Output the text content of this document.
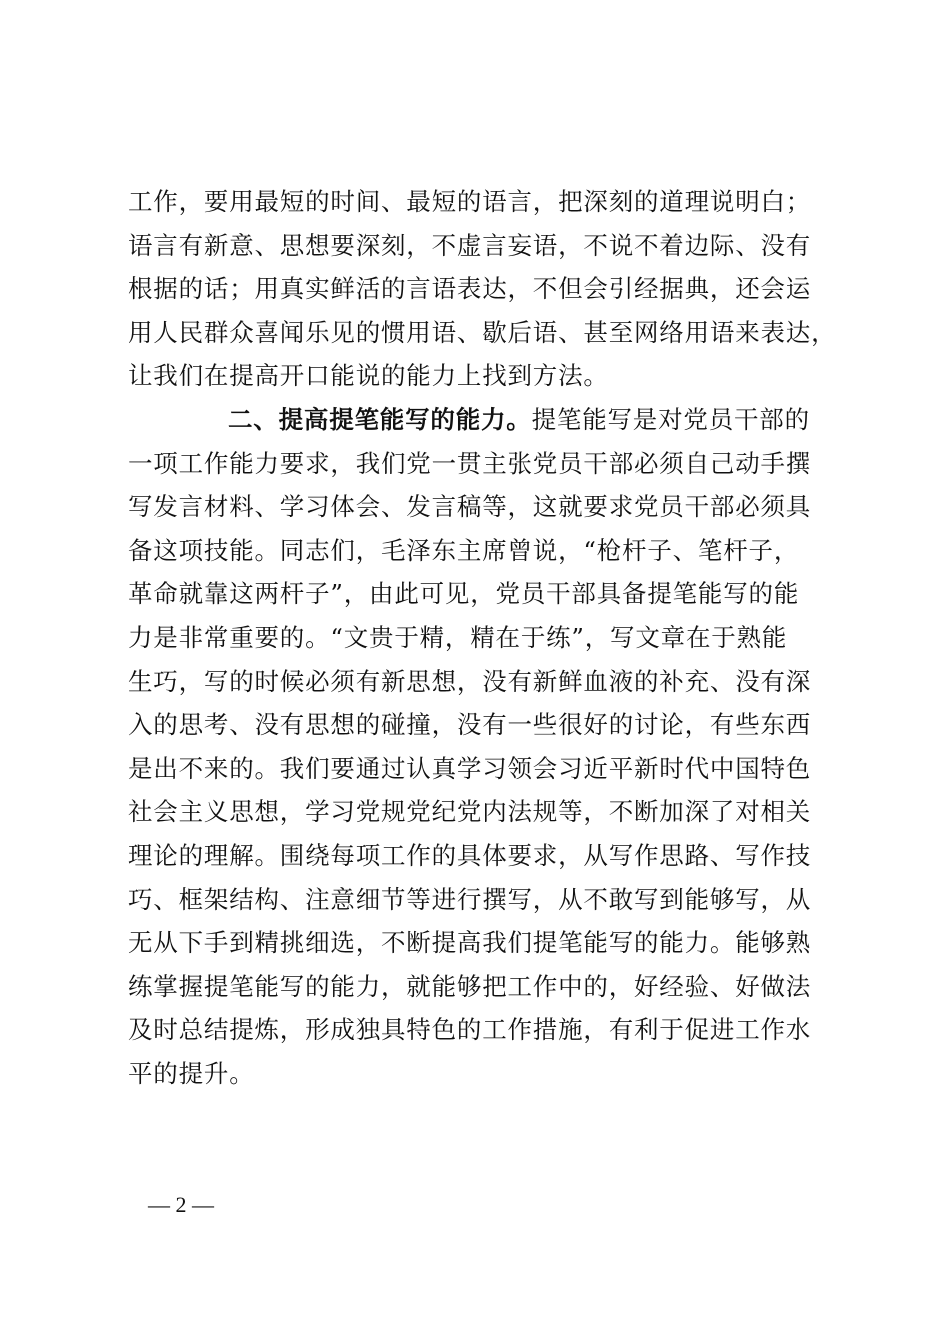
工作，要用最短的时间、最短的语言，把深刻的道理说明白；
语言有新意、思想要深刻，不虚言妄语，不说不着边际、没有
根据的话；用真实鲜活的言语表达，不但会引经据典，还会运
用人民群众喜闻乐见的惯用语、歇后语、甚至网络用语来表达，
让我们在提高开口能说的能力上找到方法。
二、提高提笔能写的能力。提笔能写是对党员干部的
一项工作能力要求，我们党一贯主张党员干部必须自己动手撰
写发言材料、学习体会、发言稿等，这就要求党员干部必须具
备这项技能。同志们，毛泽东主席曾说，“枪杆子、笔杆子，
革命就靠这两杆子”，由此可见，党员干部具备提笔能写的能
力是非常重要的。“文贵于精，精在于练”，写文章在于熟能
生巧，写的时候必须有新思想，没有新鲜血液的补充、没有深
入的思考、没有思想的碰撞，没有一些很好的讨论，有些东西
是出不来的。我们要通过认真学习领会习近平新时代中国特色
社会主义思想，学习党规党纪党内法规等，不断加深了对相关
理论的理解。围绕每项工作的具体要求，从写作思路、写作技
巧、框架结构、注意细节等进行撰写，从不敢写到能够写，从
无从下手到精挑细选，不断提高我们提笔能写的能力。能够熟
练掌握提笔能写的能力，就能够把工作中的，好经验、好做法
及时总结提炼，形成独具特色的工作措施，有利于促进工作水
平的提升。
— 2 —
